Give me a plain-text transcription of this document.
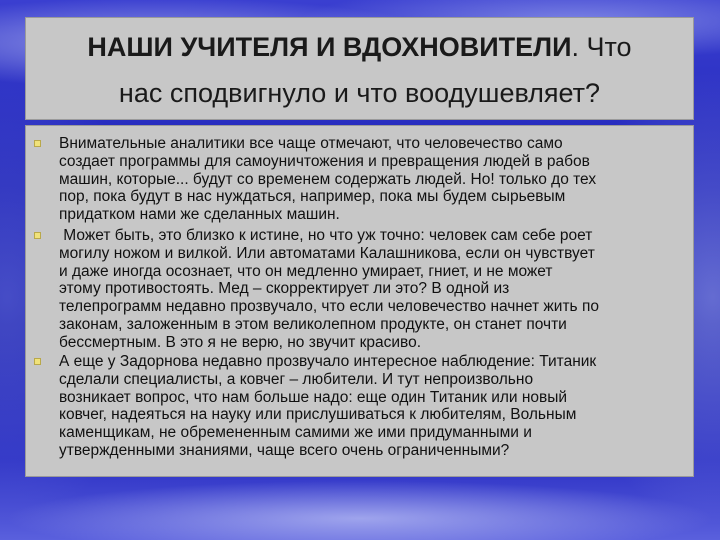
НАШИ УЧИТЕЛЯ И ВДОХНОВИТЕЛИ. Что
нас сподвигнуло и что воодушевляет?
Внимательные аналитики все чаще отмечают, что человечество само
создает программы для самоуничтожения и превращения людей в рабов
машин, которые... будут со временем содержать людей. Но! только до тех
пор, пока будут в нас нуждаться, например, пока мы будем сырьевым
придатком нами же сделанных машин.
Может быть, это близко к истине, но что уж точно: человек сам себе роет
могилу ножом и вилкой. Или автоматами Калашникова, если он чувствует
и даже иногда осознает, что он медленно умирает, гниет, и не может
этому противостоять. Мед – скорректирует ли это? В одной из
телепрограмм недавно прозвучало, что если человечество начнет жить по
законам, заложенным в этом великолепном продукте, он станет почти
бессмертным. В это я не верю, но звучит красиво.
А еще у Задорнова недавно прозвучало интересное наблюдение: Титаник
сделали специалисты, а ковчег – любители. И тут непроизвольно
возникает вопрос, что нам больше надо: еще один Титаник или новый
ковчег, надеяться на науку или прислушиваться к любителям, Вольным
каменщикам, не обремененным самими же ими придуманными и
утвержденными знаниями, чаще всего очень ограниченными?
